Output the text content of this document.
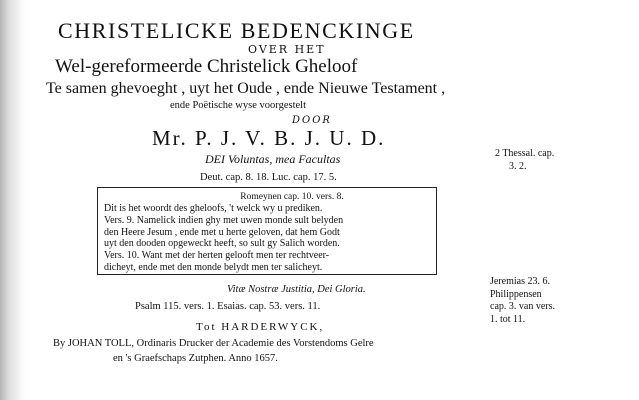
CHRISTELICKE BEDENCKINGE
OVER HET
Wel-gereformeerde Christelick Gheloof
Te samen ghevoeght , uyt het Oude , ende Nieuwe Testament ,
ende Poëtische wyse voorgestelt
DOOR
Mr. P. J. V. B. J. U. D.
DEI Voluntas, mea Facultas
Deut. cap. 8. 18. Luc. cap. 17. 5.
2 Thessal. cap.
3. 2.
Romeynen cap. 10. vers. 8.
Dit is het woordt des gheloofs, 't welck wy u prediken.
Vers. 9. Namelick indien ghy met uwen monde sult belyden
den Heere Jesum , ende met u herte geloven, dat hem Godt
uyt den dooden opgeweckt heeft, so sult gy Salich worden.
Vers. 10. Want met der herten gelooft men ter rechtveer-
dicheyt, ende met den monde belydt men ter salicheyt.
Jeremias 23. 6.
Philippensen
cap. 3. van vers.
1. tot 11.
Vitæ Nostræ Justitia, Dei Gloria.
Psalm 115. vers. 1. Esaias. cap. 53. vers. 11.
Tot HARDERWYCK,
By JOHAN TOLL, Ordinaris Drucker der Academie des Vorstendoms Gelre
en 's Graefschaps Zutphen. Anno 1657.
